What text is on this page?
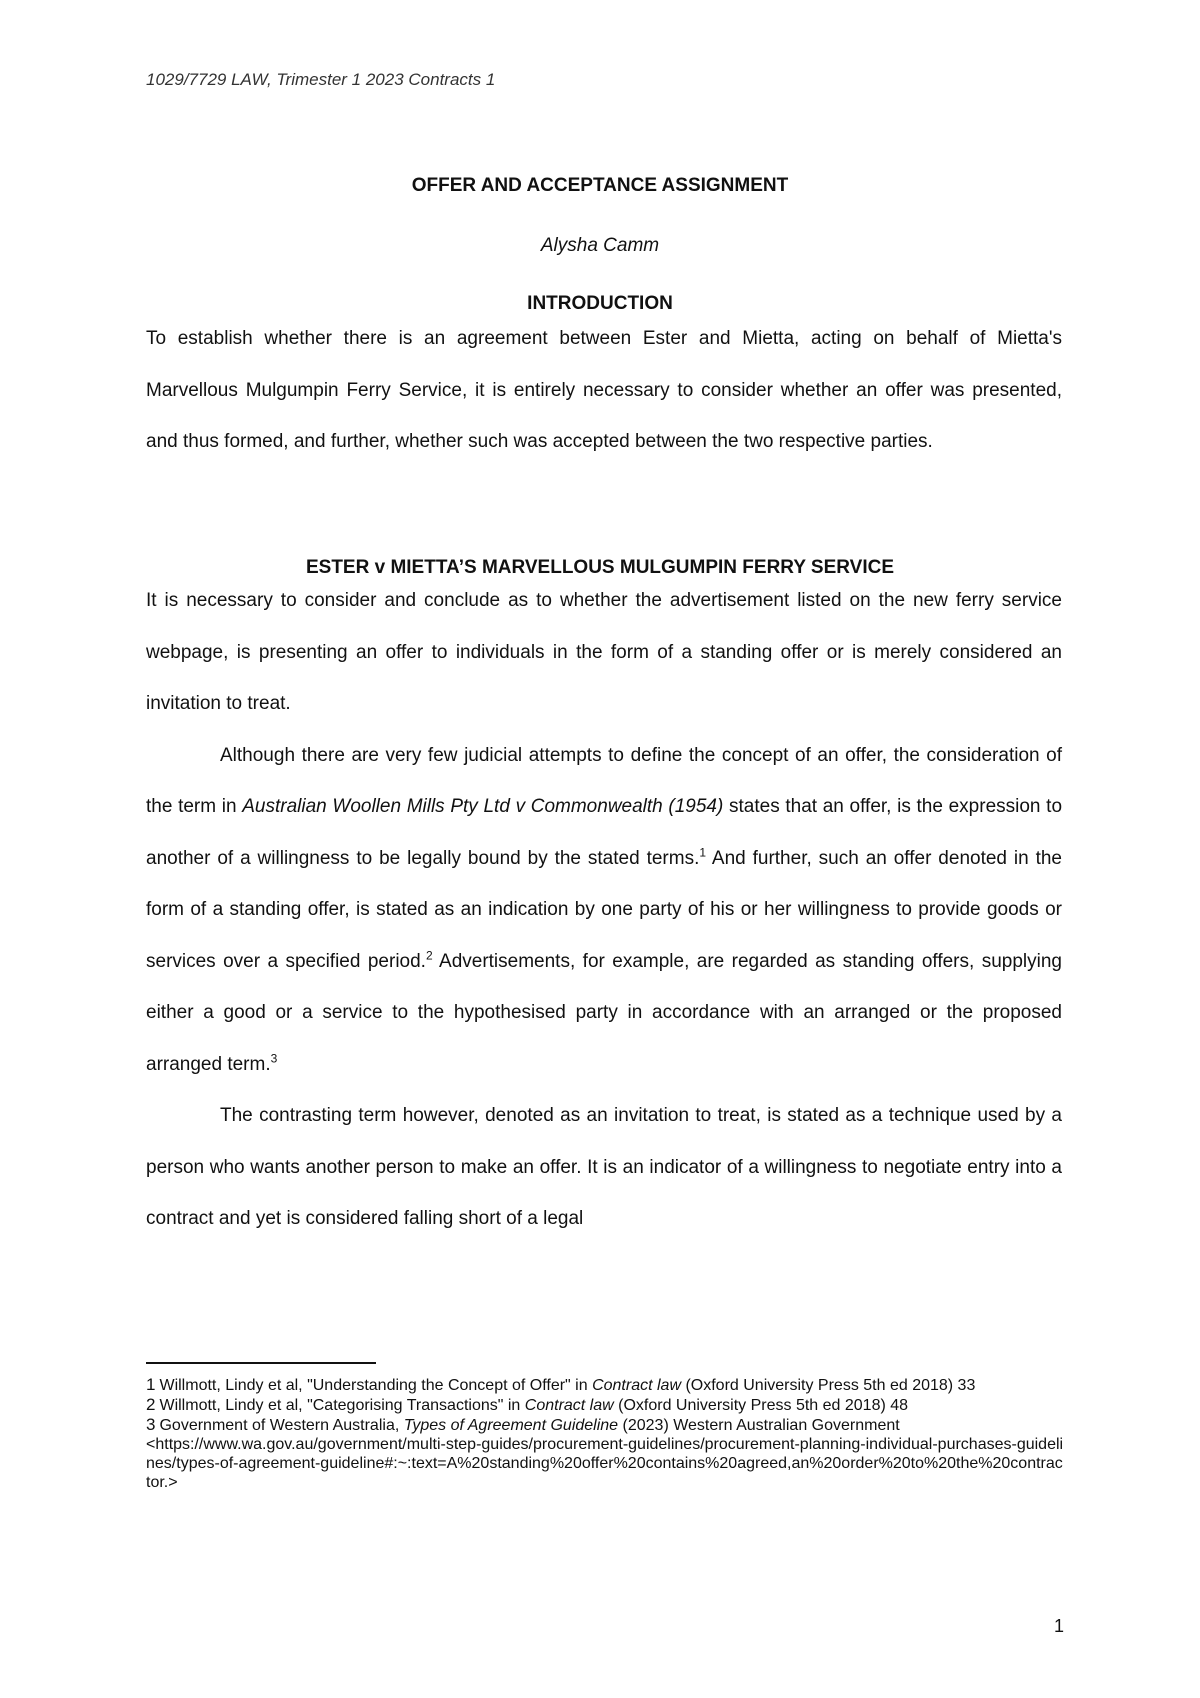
1029/7729 LAW, Trimester 1 2023 Contracts 1
OFFER AND ACCEPTANCE ASSIGNMENT
Alysha Camm
INTRODUCTION

To establish whether there is an agreement between Ester and Mietta, acting on behalf of Mietta's Marvellous Mulgumpin Ferry Service, it is entirely necessary to consider whether an offer was presented, and thus formed, and further, whether such was accepted between the two respective parties.

ESTER v MIETTA’S MARVELLOUS MULGUMPIN FERRY SERVICE

It is necessary to consider and conclude as to whether the advertisement listed on the new ferry service webpage, is presenting an offer to individuals in the form of a standing offer or is merely considered an invitation to treat.

Although there are very few judicial attempts to define the concept of an offer, the consideration of the term in Australian Woollen Mills Pty Ltd v Commonwealth (1954) states that an offer, is the expression to another of a willingness to be legally bound by the stated terms.$^1$ And further, such an offer denoted in the form of a standing offer, is stated as an indication by one party of his or her willingness to provide goods or services over a specified period.$^2$ Advertisements, for example, are regarded as standing offers, supplying either a good or a service to the hypothesised party in accordance with an arranged or the proposed arranged term.$^3$

The contrasting term however, denoted as an invitation to treat, is stated as a technique used by a person who wants another person to make an offer. It is an indicator of a willingness to negotiate entry into a contract and yet is considered falling short of a legal

1 Willmott, Lindy et al, "Understanding the Concept of Offer" in Contract law (Oxford University Press 5th ed 2018) 33

2 Willmott, Lindy et al, "Categorising Transactions" in Contract law (Oxford University Press 5th ed 2018) 48

3 Government of Western Australia, Types of Agreement Guideline (2023) Western Australian Government
<https://www.wa.gov.au/government/multi-step-guides/procurement-guidelines/procurement-planning-individual-purchases-guidelines/types-of-agreement-guideline#:~:text=A%20standing%20offer%20contains%20agreed,an%20order%20to%20the%20contractor.>

1
